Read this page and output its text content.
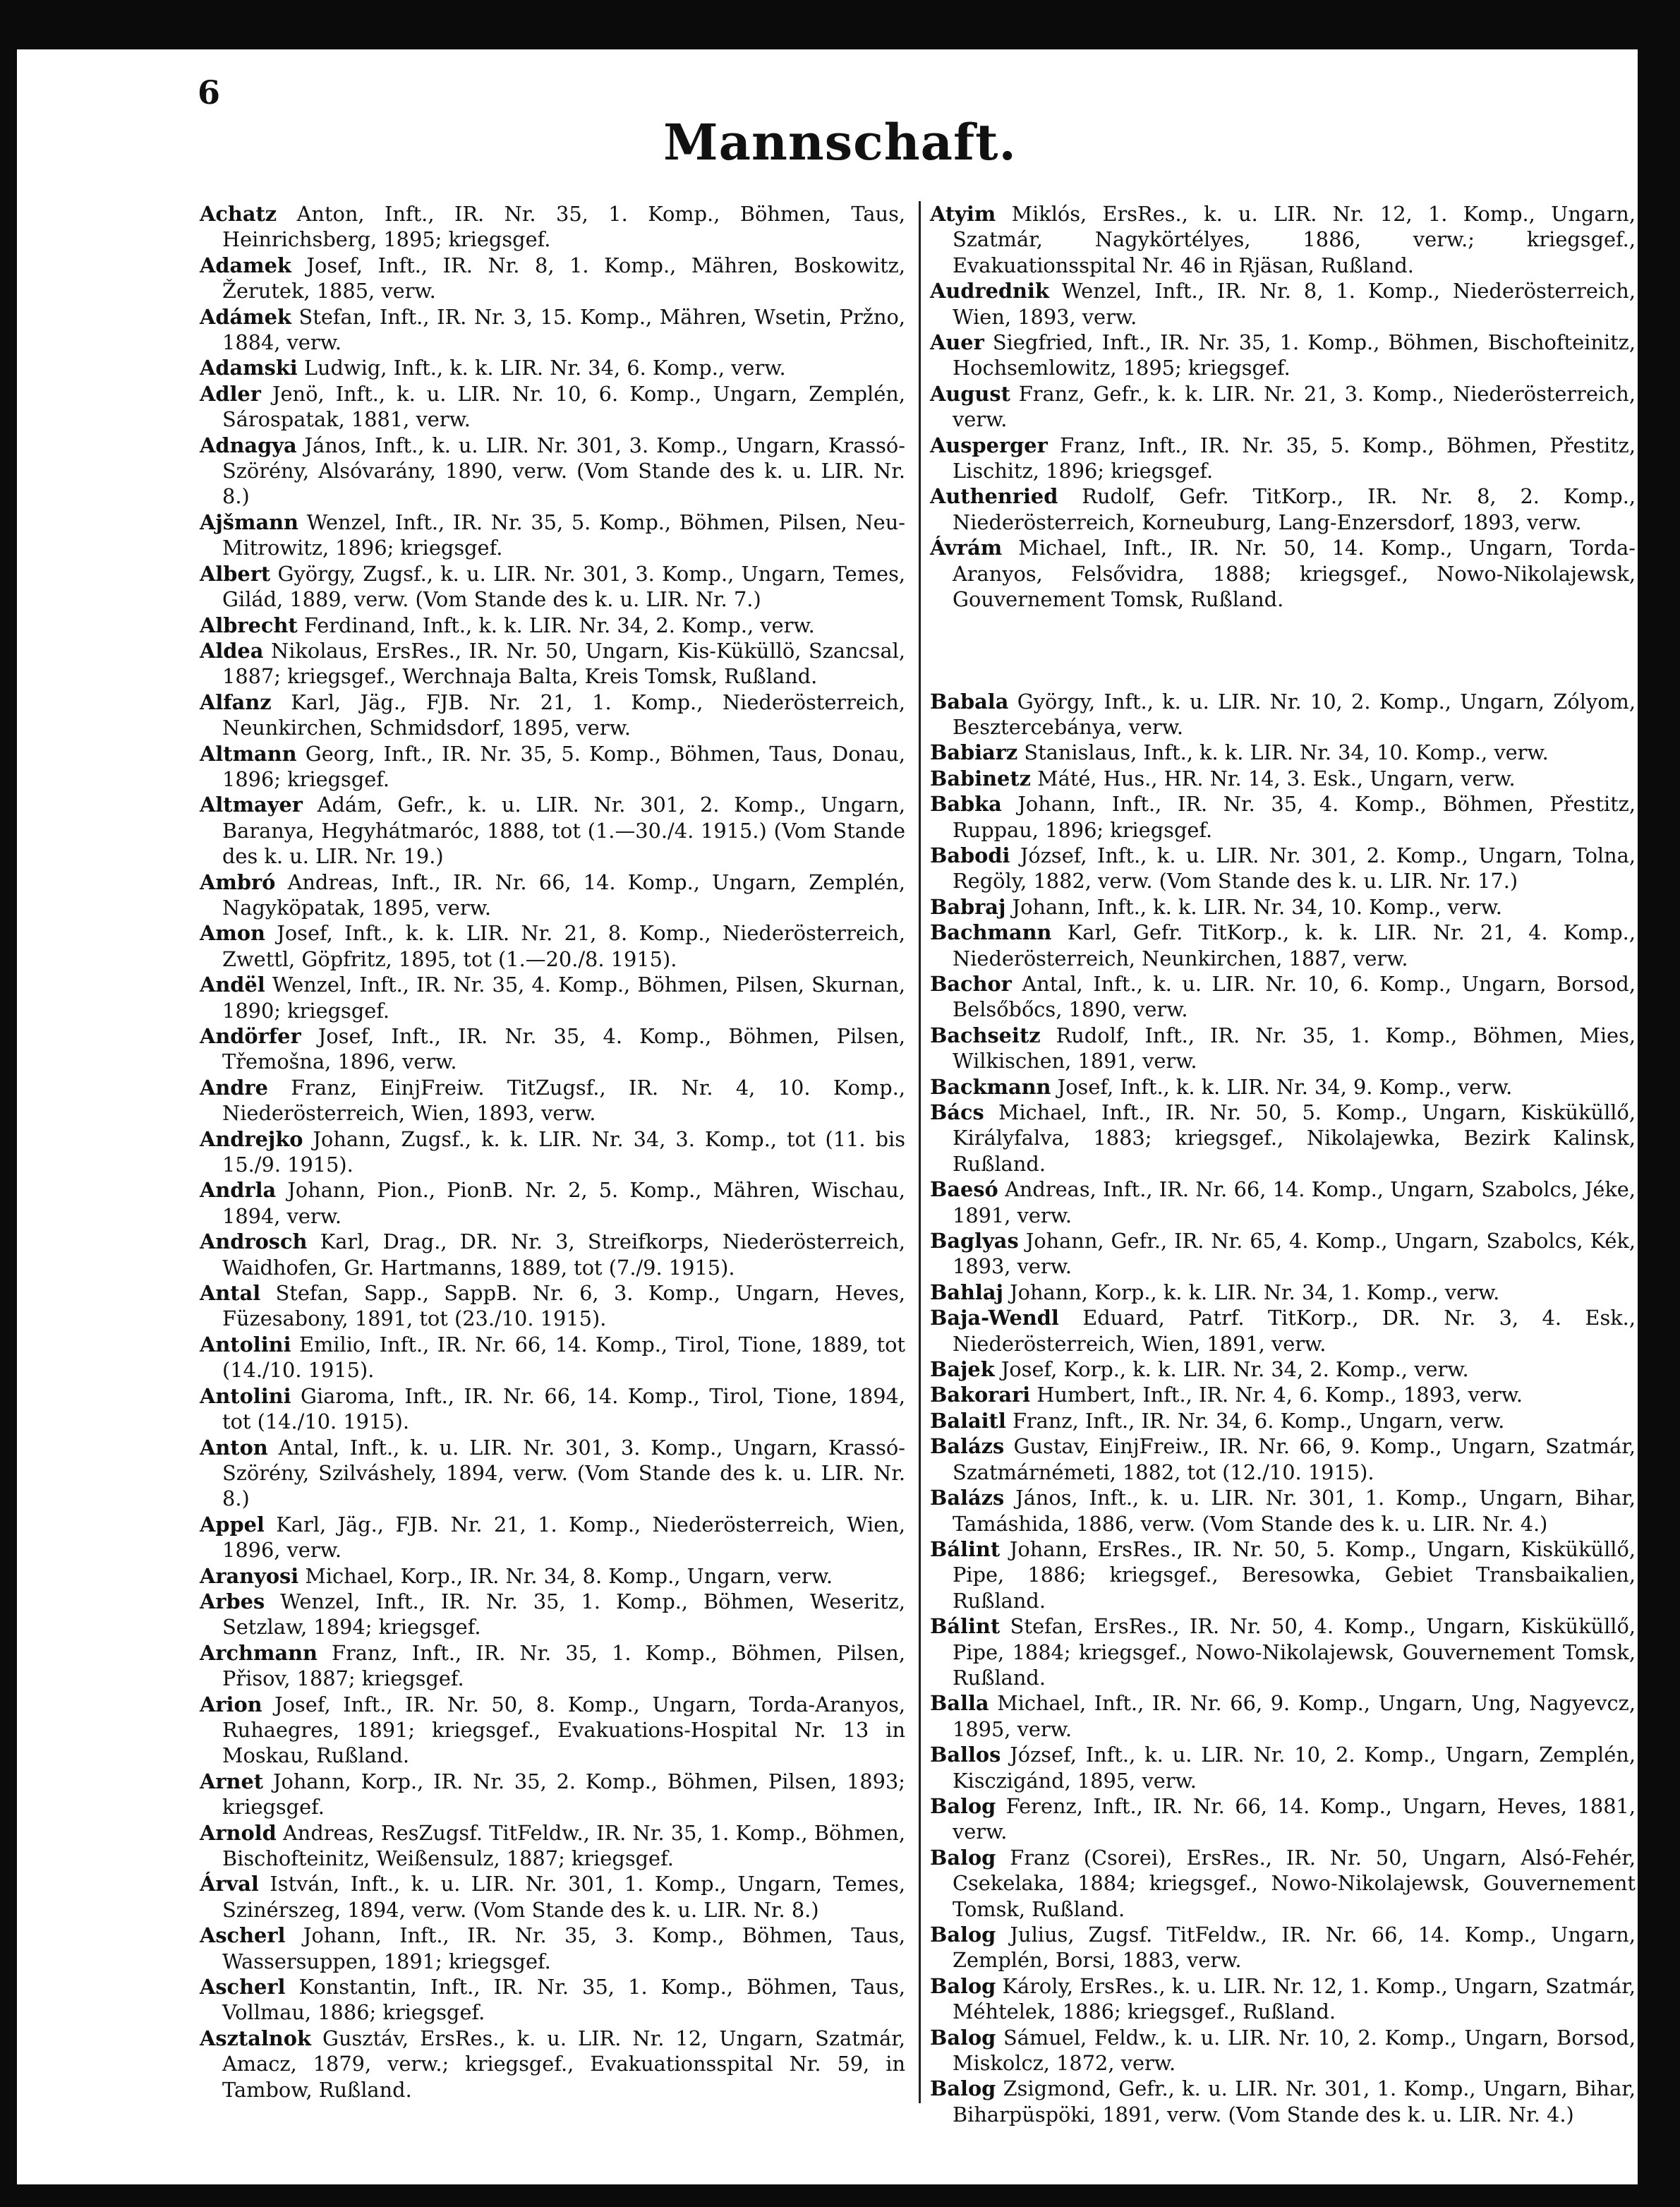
6
Mannschaft.

Achatz Anton, Inft., IR. Nr. 35, 1. Komp., Böhmen, Taus, Heinrichsberg, 1895; kriegsgef.

Adamek Josef, Inft., IR. Nr. 8, 1. Komp., Mähren, Boskowitz, Žerutek, 1885, verw.

Adámek Stefan, Inft., IR. Nr. 3, 15. Komp., Mähren, Wsetin, Pržno, 1884, verw.

Adamski Ludwig, Inft., k. k. LIR. Nr. 34, 6. Komp., verw.

Adler Jenö, Inft., k. u. LIR. Nr. 10, 6. Komp., Ungarn, Zemplén, Sárospatak, 1881, verw.

Adnagya János, Inft., k. u. LIR. Nr. 301, 3. Komp., Ungarn, Krassó-Szörény, Alsóvarány, 1890, verw. (Vom Stande des k. u. LIR. Nr. 8.)

Ajšmann Wenzel, Inft., IR. Nr. 35, 5. Komp., Böhmen, Pilsen, Neu-Mitrowitz, 1896; kriegsgef.

Albert György, Zugsf., k. u. LIR. Nr. 301, 3. Komp., Ungarn, Temes, Gilád, 1889, verw. (Vom Stande des k. u. LIR. Nr. 7.)

Albrecht Ferdinand, Inft., k. k. LIR. Nr. 34, 2. Komp., verw.

Aldea Nikolaus, ErsRes., IR. Nr. 50, Ungarn, Kis-Küküllö, Szancsal, 1887; kriegsgef., Werchnaja Balta, Kreis Tomsk, Rußland.

Alfanz Karl, Jäg., FJB. Nr. 21, 1. Komp., Niederösterreich, Neunkirchen, Schmidsdorf, 1895, verw.

Altmann Georg, Inft., IR. Nr. 35, 5. Komp., Böhmen, Taus, Donau, 1896; kriegsgef.

Altmayer Adám, Gefr., k. u. LIR. Nr. 301, 2. Komp., Ungarn, Baranya, Hegyhátmaróc, 1888, tot (1.—30./4. 1915.) (Vom Stande des k. u. LIR. Nr. 19.)

Ambró Andreas, Inft., IR. Nr. 66, 14. Komp., Ungarn, Zemplén, Nagyköpatak, 1895, verw.

Amon Josef, Inft., k. k. LIR. Nr. 21, 8. Komp., Niederösterreich, Zwettl, Göpfritz, 1895, tot (1.—20./8. 1915).

Andël Wenzel, Inft., IR. Nr. 35, 4. Komp., Böhmen, Pilsen, Skurnan, 1890; kriegsgef.

Andörfer Josef, Inft., IR. Nr. 35, 4. Komp., Böhmen, Pilsen, Třemošna, 1896, verw.

Andre Franz, EinjFreiw. TitZugsf., IR. Nr. 4, 10. Komp., Niederösterreich, Wien, 1893, verw.

Andrejko Johann, Zugsf., k. k. LIR. Nr. 34, 3. Komp., tot (11. bis 15./9. 1915).

Andrla Johann, Pion., PionB. Nr. 2, 5. Komp., Mähren, Wischau, 1894, verw.

Androsch Karl, Drag., DR. Nr. 3, Streifkorps, Niederösterreich, Waidhofen, Gr. Hartmanns, 1889, tot (7./9. 1915).

Antal Stefan, Sapp., SappB. Nr. 6, 3. Komp., Ungarn, Heves, Füzesabony, 1891, tot (23./10. 1915).

Antolini Emilio, Inft., IR. Nr. 66, 14. Komp., Tirol, Tione, 1889, tot (14./10. 1915).

Antolini Giaroma, Inft., IR. Nr. 66, 14. Komp., Tirol, Tione, 1894, tot (14./10. 1915).

Anton Antal, Inft., k. u. LIR. Nr. 301, 3. Komp., Ungarn, Krassó-Szörény, Szilváshely, 1894, verw. (Vom Stande des k. u. LIR. Nr. 8.)

Appel Karl, Jäg., FJB. Nr. 21, 1. Komp., Niederösterreich, Wien, 1896, verw.

Aranyosi Michael, Korp., IR. Nr. 34, 8. Komp., Ungarn, verw.

Arbes Wenzel, Inft., IR. Nr. 35, 1. Komp., Böhmen, Weseritz, Setzlaw, 1894; kriegsgef.

Archmann Franz, Inft., IR. Nr. 35, 1. Komp., Böhmen, Pilsen, Přisov, 1887; kriegsgef.

Arion Josef, Inft., IR. Nr. 50, 8. Komp., Ungarn, Torda-Aranyos, Ruhaegres, 1891; kriegsgef., Evakuations-Hospital Nr. 13 in Moskau, Rußland.

Arnet Johann, Korp., IR. Nr. 35, 2. Komp., Böhmen, Pilsen, 1893; kriegsgef.

Arnold Andreas, ResZugsf. TitFeldw., IR. Nr. 35, 1. Komp., Böhmen, Bischofteinitz, Weißensulz, 1887; kriegsgef.

Árval István, Inft., k. u. LIR. Nr. 301, 1. Komp., Ungarn, Temes, Szinérszeg, 1894, verw. (Vom Stande des k. u. LIR. Nr. 8.)

Ascherl Johann, Inft., IR. Nr. 35, 3. Komp., Böhmen, Taus, Wassersuppen, 1891; kriegsgef.

Ascherl Konstantin, Inft., IR. Nr. 35, 1. Komp., Böhmen, Taus, Vollmau, 1886; kriegsgef.

Asztalnok Gusztáv, ErsRes., k. u. LIR. Nr. 12, Ungarn, Szatmár, Amacz, 1879, verw.; kriegsgef., Evakuationsspital Nr. 59, in Tambow, Rußland.

Atyim Miklós, ErsRes., k. u. LIR. Nr. 12, 1. Komp., Ungarn, Szatmár, Nagykörtélyes, 1886, verw.; kriegsgef., Evakuationsspital Nr. 46 in Rjäsan, Rußland.

Audrednik Wenzel, Inft., IR. Nr. 8, 1. Komp., Niederösterreich, Wien, 1893, verw.

Auer Siegfried, Inft., IR. Nr. 35, 1. Komp., Böhmen, Bischofteinitz, Hochsemlowitz, 1895; kriegsgef.

August Franz, Gefr., k. k. LIR. Nr. 21, 3. Komp., Niederösterreich, verw.

Ausperger Franz, Inft., IR. Nr. 35, 5. Komp., Böhmen, Přestitz, Lischitz, 1896; kriegsgef.

Authenried Rudolf, Gefr. TitKorp., IR. Nr. 8, 2. Komp., Niederösterreich, Korneuburg, Lang-Enzersdorf, 1893, verw.

Ávrám Michael, Inft., IR. Nr. 50, 14. Komp., Ungarn, Torda-Aranyos, Felsővidra, 1888; kriegsgef., Nowo-Nikolajewsk, Gouvernement Tomsk, Rußland.

Babala György, Inft., k. u. LIR. Nr. 10, 2. Komp., Ungarn, Zólyom, Besztercebánya, verw.

Babiarz Stanislaus, Inft., k. k. LIR. Nr. 34, 10. Komp., verw.

Babinetz Máté, Hus., HR. Nr. 14, 3. Esk., Ungarn, verw.

Babka Johann, Inft., IR. Nr. 35, 4. Komp., Böhmen, Přestitz, Ruppau, 1896; kriegsgef.

Babodi József, Inft., k. u. LIR. Nr. 301, 2. Komp., Ungarn, Tolna, Regöly, 1882, verw. (Vom Stande des k. u. LIR. Nr. 17.)

Babraj Johann, Inft., k. k. LIR. Nr. 34, 10. Komp., verw.

Bachmann Karl, Gefr. TitKorp., k. k. LIR. Nr. 21, 4. Komp., Niederösterreich, Neunkirchen, 1887, verw.

Bachor Antal, Inft., k. u. LIR. Nr. 10, 6. Komp., Ungarn, Borsod, Belsőbőcs, 1890, verw.

Bachseitz Rudolf, Inft., IR. Nr. 35, 1. Komp., Böhmen, Mies, Wilkischen, 1891, verw.

Backmann Josef, Inft., k. k. LIR. Nr. 34, 9. Komp., verw.

Bács Michael, Inft., IR. Nr. 50, 5. Komp., Ungarn, Kisküküllő, Királyfalva, 1883; kriegsgef., Nikolajewka, Bezirk Kalinsk, Rußland.

Baesó Andreas, Inft., IR. Nr. 66, 14. Komp., Ungarn, Szabolcs, Jéke, 1891, verw.

Baglyas Johann, Gefr., IR. Nr. 65, 4. Komp., Ungarn, Szabolcs, Kék, 1893, verw.

Bahlaj Johann, Korp., k. k. LIR. Nr. 34, 1. Komp., verw.

Baja-Wendl Eduard, Patrf. TitKorp., DR. Nr. 3, 4. Esk., Niederösterreich, Wien, 1891, verw.

Bajek Josef, Korp., k. k. LIR. Nr. 34, 2. Komp., verw.

Bakorari Humbert, Inft., IR. Nr. 4, 6. Komp., 1893, verw.

Balaitl Franz, Inft., IR. Nr. 34, 6. Komp., Ungarn, verw.

Balázs Gustav, EinjFreiw., IR. Nr. 66, 9. Komp., Ungarn, Szatmár, Szatmárnémeti, 1882, tot (12./10. 1915).

Balázs János, Inft., k. u. LIR. Nr. 301, 1. Komp., Ungarn, Bihar, Tamáshida, 1886, verw. (Vom Stande des k. u. LIR. Nr. 4.)

Bálint Johann, ErsRes., IR. Nr. 50, 5. Komp., Ungarn, Kisküküllő, Pipe, 1886; kriegsgef., Beresowka, Gebiet Transbaikalien, Rußland.

Bálint Stefan, ErsRes., IR. Nr. 50, 4. Komp., Ungarn, Kisküküllő, Pipe, 1884; kriegsgef., Nowo-Nikolajewsk, Gouvernement Tomsk, Rußland.

Balla Michael, Inft., IR. Nr. 66, 9. Komp., Ungarn, Ung, Nagyevcz, 1895, verw.

Ballos József, Inft., k. u. LIR. Nr. 10, 2. Komp., Ungarn, Zemplén, Kisczigánd, 1895, verw.

Balog Ferenz, Inft., IR. Nr. 66, 14. Komp., Ungarn, Heves, 1881, verw.

Balog Franz (Csorei), ErsRes., IR. Nr. 50, Ungarn, Alsó-Fehér, Csekelaka, 1884; kriegsgef., Nowo-Nikolajewsk, Gouvernement Tomsk, Rußland.

Balog Julius, Zugsf. TitFeldw., IR. Nr. 66, 14. Komp., Ungarn, Zemplén, Borsi, 1883, verw.

Balog Károly, ErsRes., k. u. LIR. Nr. 12, 1. Komp., Ungarn, Szatmár, Méhtelek, 1886; kriegsgef., Rußland.

Balog Sámuel, Feldw., k. u. LIR. Nr. 10, 2. Komp., Ungarn, Borsod, Miskolcz, 1872, verw.

Balog Zsigmond, Gefr., k. u. LIR. Nr. 301, 1. Komp., Ungarn, Bihar, Biharpüspöki, 1891, verw. (Vom Stande des k. u. LIR. Nr. 4.)
